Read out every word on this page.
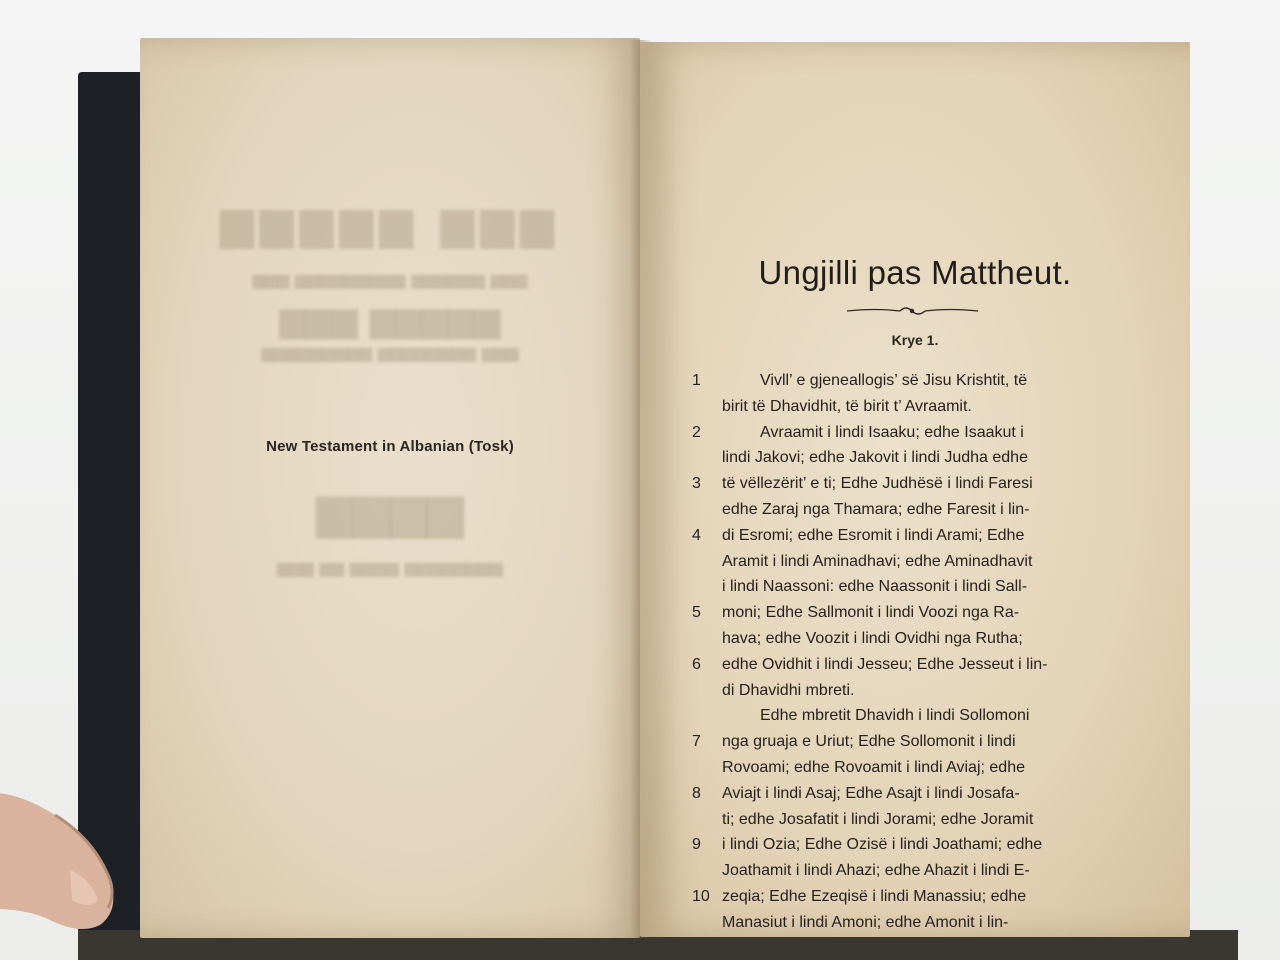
▆▆▆▆▆ ▆▆▆
▆▆▆ ▆▆▆▆▆▆▆▆▆ ▆▆▆▆▆▆ ▆▆▆
▆▆▆ ▆▆▆▆▆
▆▆▆▆▆▆▆▆▆ ▆▆▆▆▆▆▆▆ ▆▆▆
▆▆▆▆
▆▆▆ ▆▆ ▆▆▆▆ ▆▆▆▆▆▆▆▆
New Testament in Albanian (Tosk)
Ungjilli pas Mattheut.
Krye 1.
1	Vivll’ e gjeneallogis’ së Jisu Krishtit, të
birit të Dhavidhit, të birit t’ Avraamit.
2	Avraamit i lindi Isaaku; edhe Isaakut i
lindi Jakovi; edhe Jakovit i lindi Judha edhe
3	të vëllezërit’ e ti; Edhe Judhësë i lindi Faresi
edhe Zaraj nga Thamara; edhe Faresit i lin-
4	di Esromi; edhe Esromit i lindi Arami; Edhe
Aramit i lindi Aminadhavi; edhe Aminadhavit
i lindi Naassoni: edhe Naassonit i lindi Sall-
5	moni; Edhe Sallmonit i lindi Voozi nga Ra-
hava; edhe Voozit i lindi Ovidhi nga Rutha;
6	edhe Ovidhit i lindi Jesseu; Edhe Jesseut i lin-
di Dhavidhi mbreti.
Edhe mbretit Dhavidh i lindi Sollomoni
7	nga gruaja e Uriut; Edhe Sollomonit i lindi
Rovoami; edhe Rovoamit i lindi Aviaj; edhe
8	Aviajt i lindi Asaj; Edhe Asajt i lindi Josafa-
ti; edhe Josafatit i lindi Jorami; edhe Joramit
9	i lindi Ozia; Edhe Ozisë i lindi Joathami; edhe
Joathamit i lindi Ahazi; edhe Ahazit i lindi E-
10 zeqia; Edhe Ezeqisë i lindi Manassiu; edhe
Manasiut i lindi Amoni; edhe Amonit i lin-
